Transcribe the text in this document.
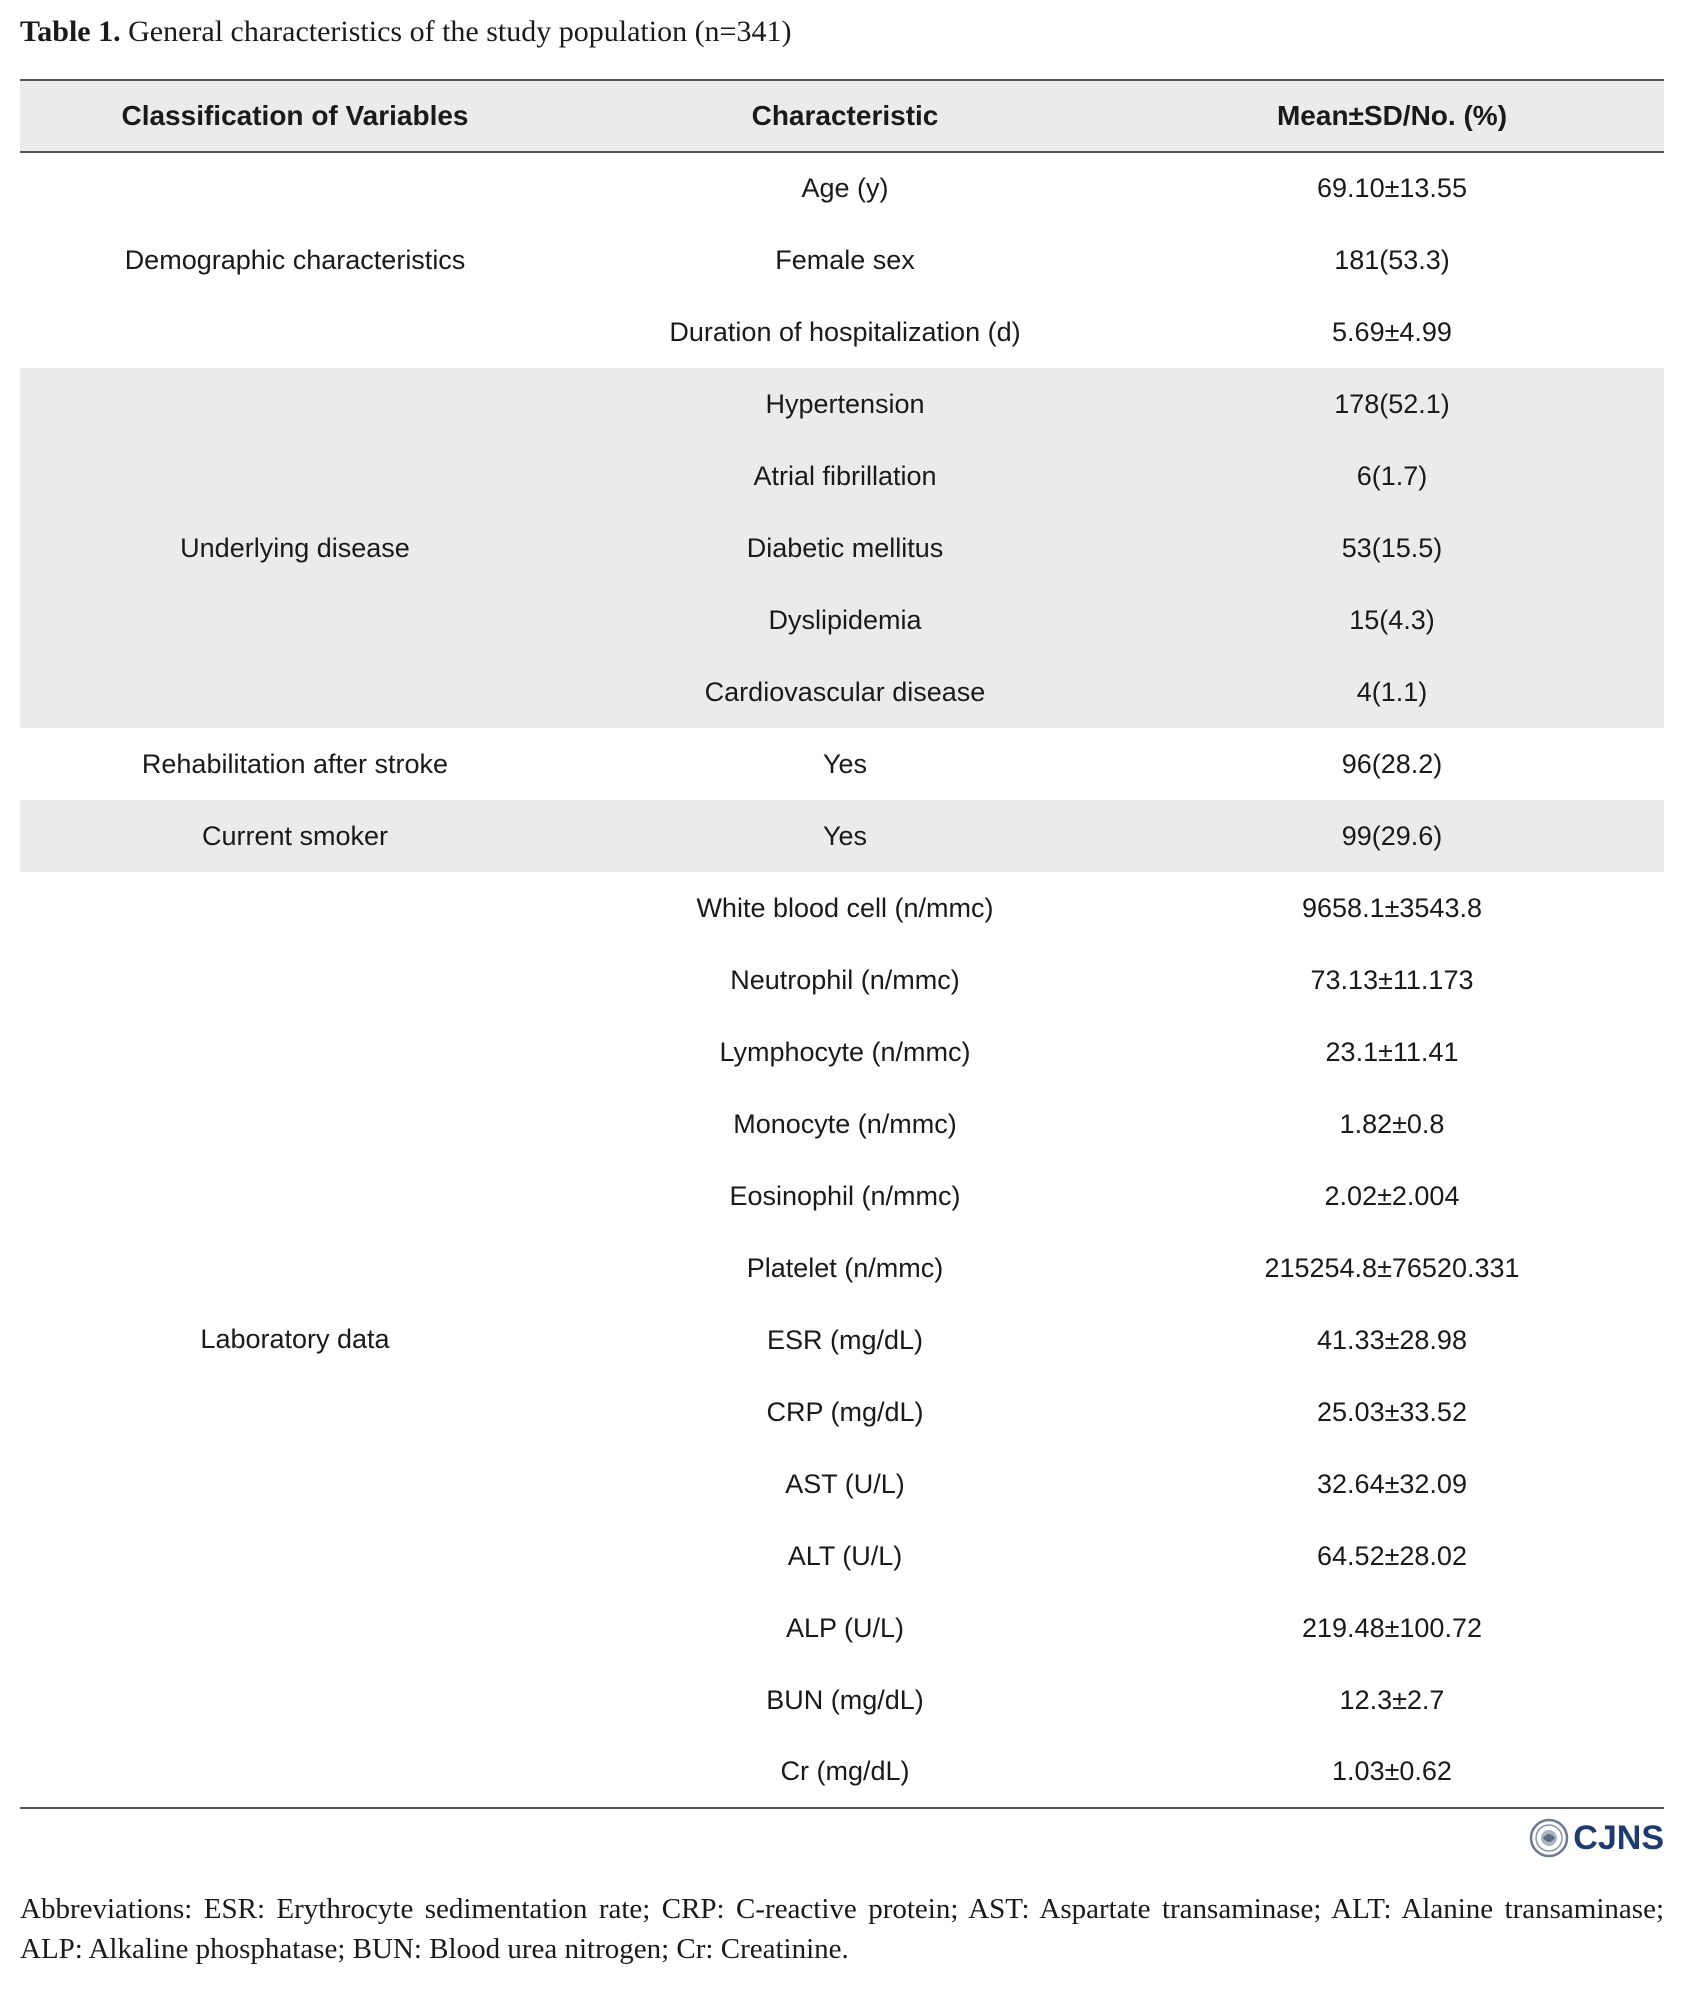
Table 1. General characteristics of the study population (n=341)
Classification of Variables	Characteristic	Mean±SD/No. (%)
Demographic characteristics	Age (y)	69.10±13.55
	Female sex	181(53.3)
	Duration of hospitalization (d)	5.69±4.99
Underlying disease	Hypertension	178(52.1)
	Atrial fibrillation	6(1.7)
	Diabetic mellitus	53(15.5)
	Dyslipidemia	15(4.3)
	Cardiovascular disease	4(1.1)
Rehabilitation after stroke	Yes	96(28.2)
Current smoker	Yes	99(29.6)
Laboratory data	White blood cell (n/mmc)	9658.1±3543.8
	Neutrophil (n/mmc)	73.13±11.173
	Lymphocyte (n/mmc)	23.1±11.41
	Monocyte (n/mmc)	1.82±0.8
	Eosinophil (n/mmc)	2.02±2.004
	Platelet (n/mmc)	215254.8±76520.331
	ESR (mg/dL)	41.33±28.98
	CRP (mg/dL)	25.03±33.52
	AST (U/L)	32.64±32.09
	ALT (U/L)	64.52±28.02
	ALP (U/L)	219.48±100.72
	BUN (mg/dL)	12.3±2.7
	Cr (mg/dL)	1.03±0.62
CJNS
Abbreviations: ESR: Erythrocyte sedimentation rate; CRP: C-reactive protein; AST: Aspartate transaminase; ALT: Alanine transaminase; ALP: Alkaline phosphatase; BUN: Blood urea nitrogen; Cr: Creatinine.
